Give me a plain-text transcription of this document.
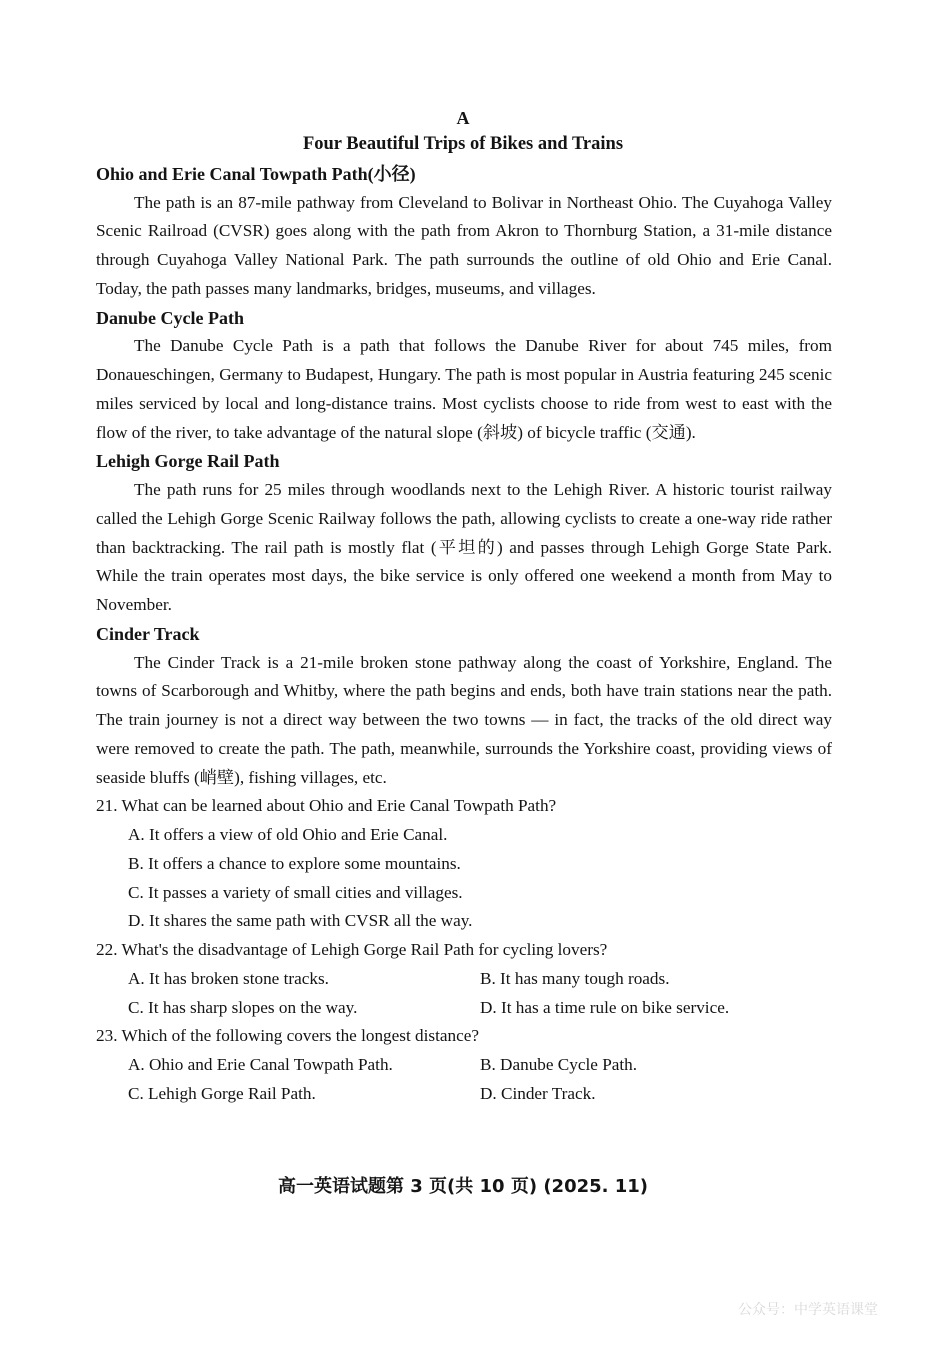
A
Four Beautiful Trips of Bikes and Trains
Ohio and Erie Canal Towpath Path(小径)

The path is an 87-mile pathway from Cleveland to Bolivar in Northeast Ohio. The Cuyahoga Valley Scenic Railroad (CVSR) goes along with the path from Akron to Thornburg Station, a 31-mile distance through Cuyahoga Valley National Park. The path surrounds the outline of old Ohio and Erie Canal. Today, the path passes many landmarks, bridges, museums, and villages.

Danube Cycle Path

The Danube Cycle Path is a path that follows the Danube River for about 745 miles, from Donaueschingen, Germany to Budapest, Hungary. The path is most popular in Austria featuring 245 scenic miles serviced by local and long-distance trains. Most cyclists choose to ride from west to east with the flow of the river, to take advantage of the natural slope (斜坡) of bicycle traffic (交通).

Lehigh Gorge Rail Path

The path runs for 25 miles through woodlands next to the Lehigh River. A historic tourist railway called the Lehigh Gorge Scenic Railway follows the path, allowing cyclists to create a one-way ride rather than backtracking. The rail path is mostly flat (平坦的) and passes through Lehigh Gorge State Park. While the train operates most days, the bike service is only offered one weekend a month from May to November.

Cinder Track

The Cinder Track is a 21-mile broken stone pathway along the coast of Yorkshire, England. The towns of Scarborough and Whitby, where the path begins and ends, both have train stations near the path. The train journey is not a direct way between the two towns — in fact, the tracks of the old direct way were removed to create the path. The path, meanwhile, surrounds the Yorkshire coast, providing views of seaside bluffs (峭壁), fishing villages, etc.

21. What can be learned about Ohio and Erie Canal Towpath Path?
A. It offers a view of old Ohio and Erie Canal.
B. It offers a chance to explore some mountains.
C. It passes a variety of small cities and villages.
D. It shares the same path with CVSR all the way.
22. What's the disadvantage of Lehigh Gorge Rail Path for cycling lovers?
A. It has broken stone tracks.	B. It has many tough roads.
C. It has sharp slopes on the way.	D. It has a time rule on bike service.
23. Which of the following covers the longest distance?
A. Ohio and Erie Canal Towpath Path.	B. Danube Cycle Path.
C. Lehigh Gorge Rail Path.	D. Cinder Track.
高一英语试题第 3 页(共 10 页) (2025. 11)
公众号：中学英语课堂
